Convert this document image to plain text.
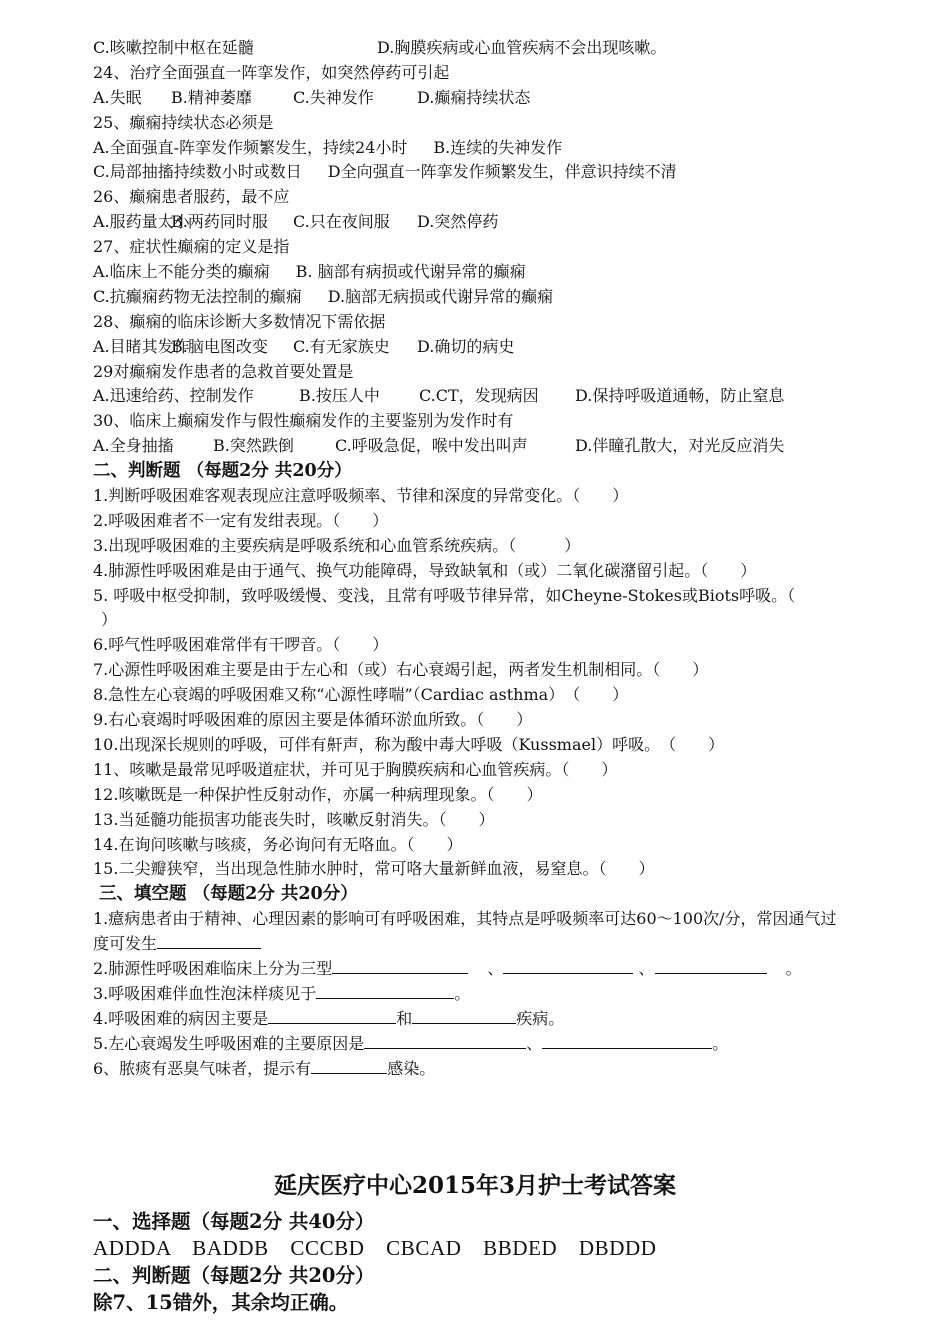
C.咳嗽控制中枢在延髓	D.胸膜疾病或心血管疾病不会出现咳嗽。
24、治疗全面强直一阵挛发作，如突然停药可引起
A.失眠 B.精神萎靡	C.失神发作	D.癫痫持续状态
25、癫痫持续状态必须是
A.全面强直-阵挛发作频繁发生，持续24小时 B.连续的失神发作
C.局部抽搐持续数小时或数日 D全向强直一阵挛发作频繁发生，伴意识持续不清
26、癫痫患者服药，最不应
A.服药量太小B.两药同时服 C.只在夜间服 D.突然停药
27、症状性癫痫的定义是指
A.临床上不能分类的癫痫 B. 脑部有病损或代谢异常的癫痫
C.抗癫痫药物无法控制的癫痫 D.脑部无病损或代谢异常的癫痫
28、癫痫的临床诊断大多数情况下需依据
A.目睹其发作B.脑电图改变 C.有无家族史 D.确切的病史
29对癫痫发作患者的急救首要处置是
A.迅速给药、控制发作	B.按压人中 C.CT，发现病因 D.保持呼吸道通畅，防止窒息
30、临床上癫痫发作与假性癫痫发作的主要鉴别为发作时有
A.全身抽搐 B.突然跌倒	C.呼吸急促，喉中发出叫声	D.伴瞳孔散大，对光反应消失
二、判断题 （每题2分 共20分）
1.判断呼吸困难客观表现应注意呼吸频率、节律和深度的异常变化。（　　）
2.呼吸困难者不一定有发绀表现。（　　）
3.出现呼吸困难的主要疾病是呼吸系统和心血管系统疾病。（　　　）
4.肺源性呼吸困难是由于通气、换气功能障碍，导致缺氧和（或）二氧化碳潴留引起。（　　）
5. 呼吸中枢受抑制，致呼吸缓慢、变浅，且常有呼吸节律异常，如Cheyne-Stokes或Biots呼吸。（
）
6.呼气性呼吸困难常伴有干啰音。（　　）
7.心源性呼吸困难主要是由于左心和（或）右心衰竭引起，两者发生机制相同。（　　）
8.急性左心衰竭的呼吸困难又称“心源性哮喘”（Cardiac asthma）　（　　）
9.右心衰竭时呼吸困难的原因主要是体循环淤血所致。（　　）
10.出现深长规则的呼吸，可伴有鼾声，称为酸中毒大呼吸（Kussmael）呼吸。　（　　）
11、咳嗽是最常见呼吸道症状，并可见于胸膜疾病和心血管疾病。（　　）
12.咳嗽既是一种保护性反射动作，亦属一种病理现象。（　　）
13.当延髓功能损害功能丧失时，咳嗽反射消失。（　　）
14.在询问咳嗽与咳痰，务必询问有无咯血。（　　）
15.二尖瓣狭窄，当出现急性肺水肿时，常可咯大量新鲜血液，易窒息。（　　）
三、填空题 （每题2分 共20分）
1.癔病患者由于精神、心理因素的影响可有呼吸困难，其特点是呼吸频率可达60～100次/分，常因通气过
度可发生
2.肺源性呼吸困难临床上分为三型	、	、	。
3.呼吸困难伴血性泡沫样痰见于	。
4.呼吸困难的病因主要是	和	疾病。
5.左心衰竭发生呼吸困难的主要原因是	、	。
6、脓痰有恶臭气味者，提示有	感染。
延庆医疗中心2015年3月护士考试答案
一、选择题（每题2分 共40分）
ADDDA　BADDB　CCCBD　CBCAD　BBDED　DBDDD
二、判断题（每题2分 共20分）
除7、15错外，其余均正确。
